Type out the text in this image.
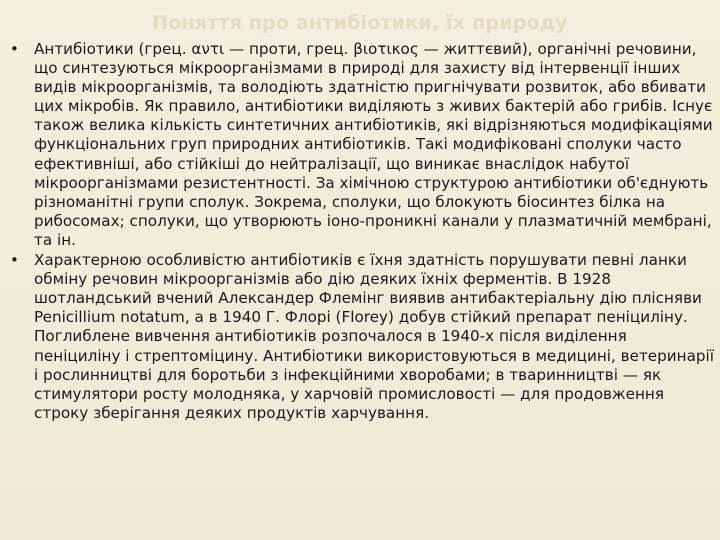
Поняття про антибіотики, їх природу
• Антибіотики (грец. αντι — проти, грец. βιοτικος — життєвий), органічні речовини, що синтезуються мікроорганізмами в природі для захисту від інтервенції інших видів мікроорганізмів, та володіють здатністю пригнічувати розвиток, або вбивати цих мікробів. Як правило, антибіотики виділяють з живих бактерій або грибів. Існує також велика кількість синтетичних антибіотиків, які відрізняються модифікаціями функціональних груп природних антибіотиків. Такі модифіковані сполуки часто ефективніші, або стійкіші до нейтралізації, що виникає внаслідок набутої мікроорганізмами резистентності. За хімічною структурою антибіотики об'єднують різноманітні групи сполук. Зокрема, сполуки, що блокують біосинтез білка на рибосомах; сполуки, що утворюють іоно-проникні канали у плазматичній мембрані, та ін.
• Характерною особливістю антибіотиків є їхня здатність порушувати певні ланки обміну речовин мікроорганізмів або дію деяких їхніх ферментів. В 1928 шотландський вчений Александер Флемінг виявив антибактеріальну дію плісняви Penicillium notatum, а в 1940 Г. Флорі (Florey) добув стійкий препарат пеніциліну. Поглиблене вивчення антибіотиків розпочалося в 1940-х після виділення пеніциліну і стрептоміцину. Антибіотики використовуються в медицині, ветеринарії і рослинництві для боротьби з інфекційними хворобами; в тваринництві — як стимулятори росту молодняка, у харчовій промисловості — для продовження строку зберігання деяких продуктів харчування.
